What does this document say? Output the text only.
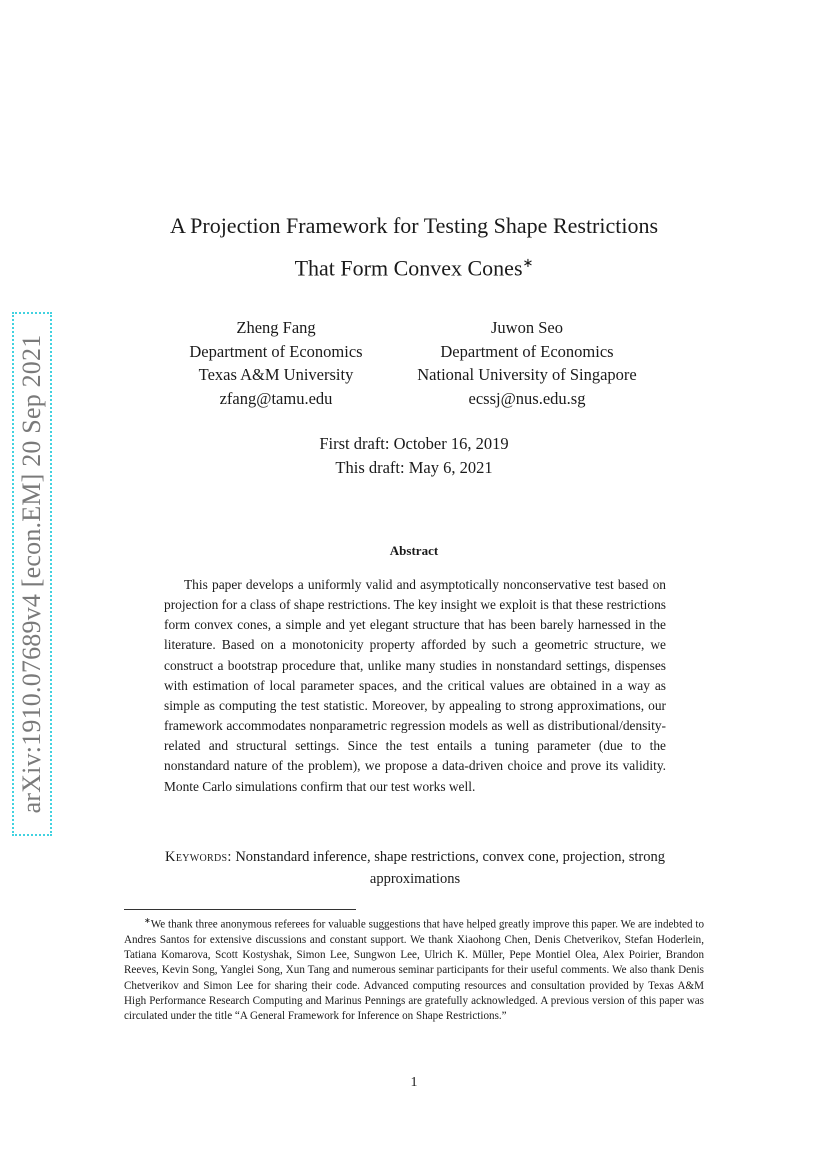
arXiv:1910.07689v4 [econ.EM] 20 Sep 2021
A Projection Framework for Testing Shape Restrictions
That Form Convex Cones∗
Zheng Fang
Department of Economics
Texas A&M University
zfang@tamu.edu
Juwon Seo
Department of Economics
National University of Singapore
ecssj@nus.edu.sg
First draft: October 16, 2019
This draft: May 6, 2021
Abstract
This paper develops a uniformly valid and asymptotically nonconservative test based on projection for a class of shape restrictions. The key insight we exploit is that these restrictions form convex cones, a simple and yet elegant structure that has been barely harnessed in the literature. Based on a monotonicity property afforded by such a geometric structure, we construct a bootstrap procedure that, unlike many studies in nonstandard settings, dispenses with estimation of local parameter spaces, and the critical values are obtained in a way as simple as computing the test statistic. Moreover, by appealing to strong approximations, our framework accommodates nonparametric regression models as well as distributional/density-related and structural settings. Since the test entails a tuning parameter (due to the nonstandard nature of the problem), we propose a data-driven choice and prove its validity. Monte Carlo simulations confirm that our test works well.
Keywords: Nonstandard inference, shape restrictions, convex cone, projection, strong approximations
∗We thank three anonymous referees for valuable suggestions that have helped greatly improve this paper. We are indebted to Andres Santos for extensive discussions and constant support. We thank Xiaohong Chen, Denis Chetverikov, Stefan Hoderlein, Tatiana Komarova, Scott Kostyshak, Simon Lee, Sungwon Lee, Ulrich K. Müller, Pepe Montiel Olea, Alex Poirier, Brandon Reeves, Kevin Song, Yanglei Song, Xun Tang and numerous seminar participants for their useful comments. We also thank Denis Chetverikov and Simon Lee for sharing their code. Advanced computing resources and consultation provided by Texas A&M High Performance Research Computing and Marinus Pennings are gratefully acknowledged. A previous version of this paper was circulated under the title “A General Framework for Inference on Shape Restrictions.”
1
